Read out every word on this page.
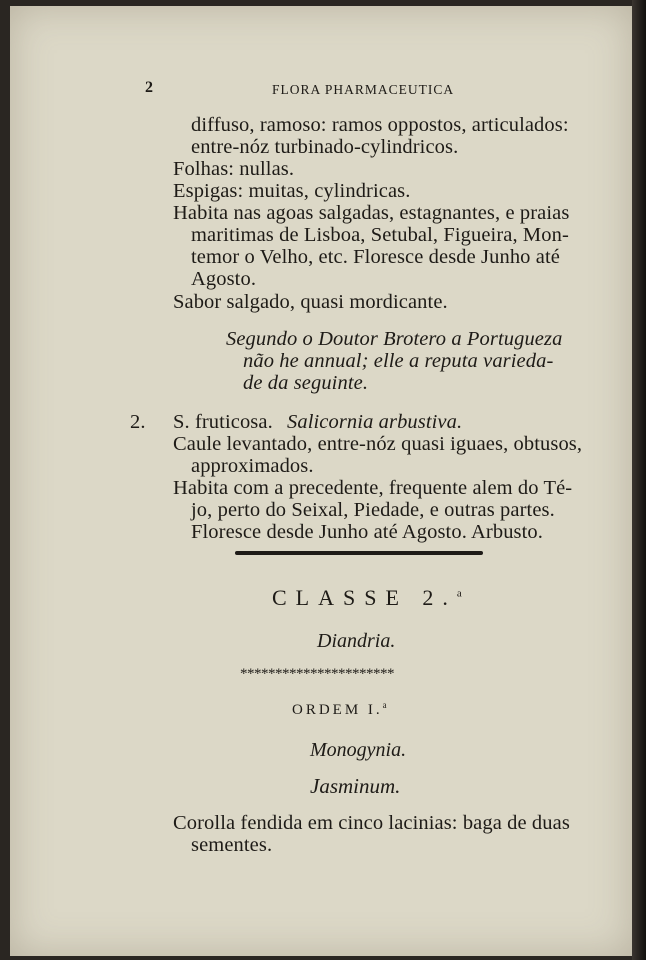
2	FLORA PHARMACEUTICA
diffuso, ramoso: ramos oppostos, articulados:
entre-nóz turbinado-cylindricos.
Folhas: nullas.
Espigas: muitas, cylindricas.
Habita nas agoas salgadas, estagnantes, e praias
maritimas de Lisboa, Setubal, Figueira, Mon-
temor o Velho, etc. Floresce desde Junho até
Agosto.
Sabor salgado, quasi mordicante.
Segundo o Doutor Brotero a Portugueza
não he annual; elle a reputa varieda-
de da seguinte.
2. S. fruticosa. Salicornia arbustiva.
Caule levantado, entre-nóz quasi iguaes, obtusos,
approximados.
Habita com a precedente, frequente alem do Té-
jo, perto do Seixal, Piedade, e outras partes.
Floresce desde Junho até Agosto. Arbusto.
CLASSE 2.$^a$
Diandria.
**********************
ORDEM I.$^a$
Monogynia.
Jasminum.
Corolla fendida em cinco lacinias: baga de duas
sementes.
